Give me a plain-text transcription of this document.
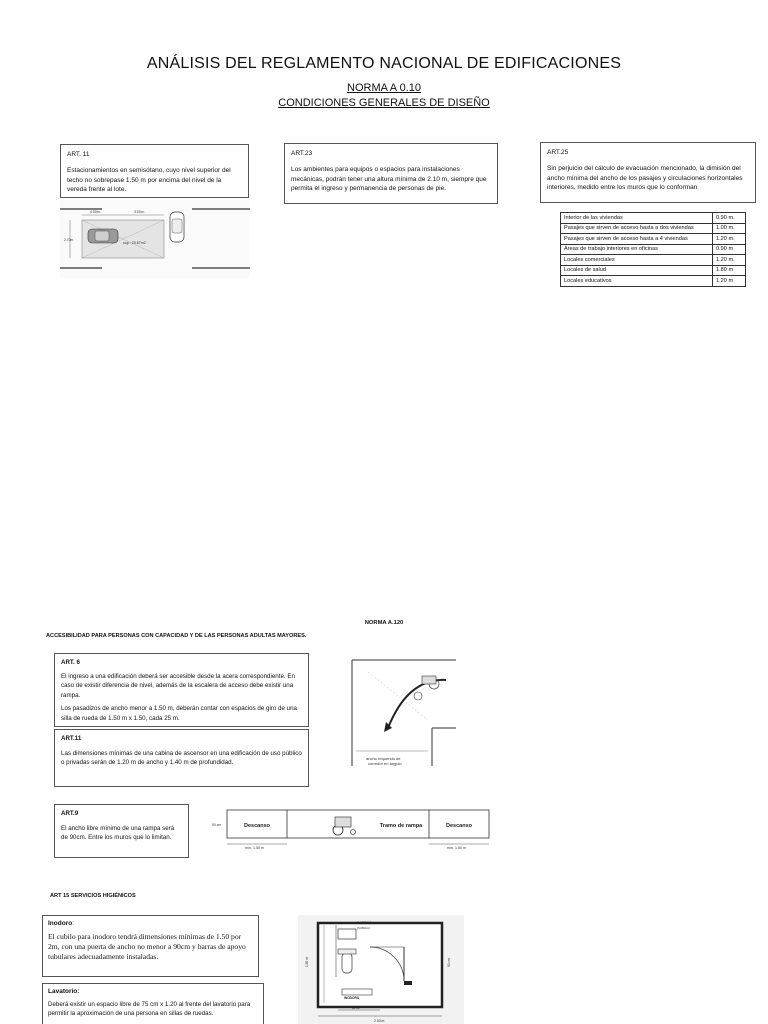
ANÁLISIS DEL REGLAMENTO NACIONAL DE EDIFICACIONES
NORMA A 0.10
CONDICIONES GENERALES DE DISEÑO
ART. 11
Estacionamientos en semisótano, cuyo nivel superior del techo no sobrepase 1.50 m por encima del nivel de la vereda frente al lote.
4.00m.	3.00m.
2.70m.
sup.: 25.67m2
ART.23
Los ambientes para equipos o espacios para instalaciones mecánicas, podrán tener una altura mínima de 2.10 m, siempre que permita el ingreso y permanencia de personas de pie.
ART.25
Sin perjuicio del cálculo de evacuación mencionado, la dimisión del ancho mínima del ancho de los pasajes y circulaciones horizontales interiores, medido entre los muros que lo conforman
Interior de las viviendas	0.90 m.
Pasajes que sirven de acceso hasta a dos viviendas	1.00 m.
Pasajes que sirven de acceso hasta a 4 viviendas	1.20 m.
Áreas de trabajo interiores en oficinas	0.90 m
Locales comerciales	1.20 m.
Locales de salud	1.80 m
Locales educativos	1.20 m
NORMA A.120
ACCESIBILIDAD PARA PERSONAS CON CAPACIDAD Y DE LAS PERSONAS ADULTAS MAYORES.
ART. 6
El ingreso a una edificación deberá ser accesible desde la acera correspondiente. En caso de existir diferencia de nivel, además de la escalera de acceso debe existir una rampa.
Los pasadizos de ancho menor a 1.50 m, deberán contar con espacios de giro de una silla de rueda de 1.50 m x 1.50, cada 25 m.
ART.11
Las dimensiones mínimas de una cabina de ascensor en una edificación de uso público o privadas serán de 1.20 m de ancho y 1.40 m de profundidad.
ancho requerido de corredor en ángulo
ART.9
El ancho libre mínimo de una rampa será de 90cm. Entre los muros que lo limitan.
Descanso	Tramo de rampa	Descanso
mín. 1.50 m	mín. 1.50 m
90 cm
ART 15 SERVICIOS HIGIÉNICOS
Inodoro:
El cubilo para inodoro tendrá dimensiones mínimas de 1.50 por 2m, con una puerta de ancho no menor a 90cm y barras de apoyo tubulares adecuadamente instaladas.
Lavatorio:
Deberá existir un espacio libre de 75 cm x 1.20 al frente del lavatorio para permitir la aproximación de una persona en sillas de ruedas.
BARRAS
(h=80cm)
INODORO
90 cm
2.00 m
1.50 m	90 cm
